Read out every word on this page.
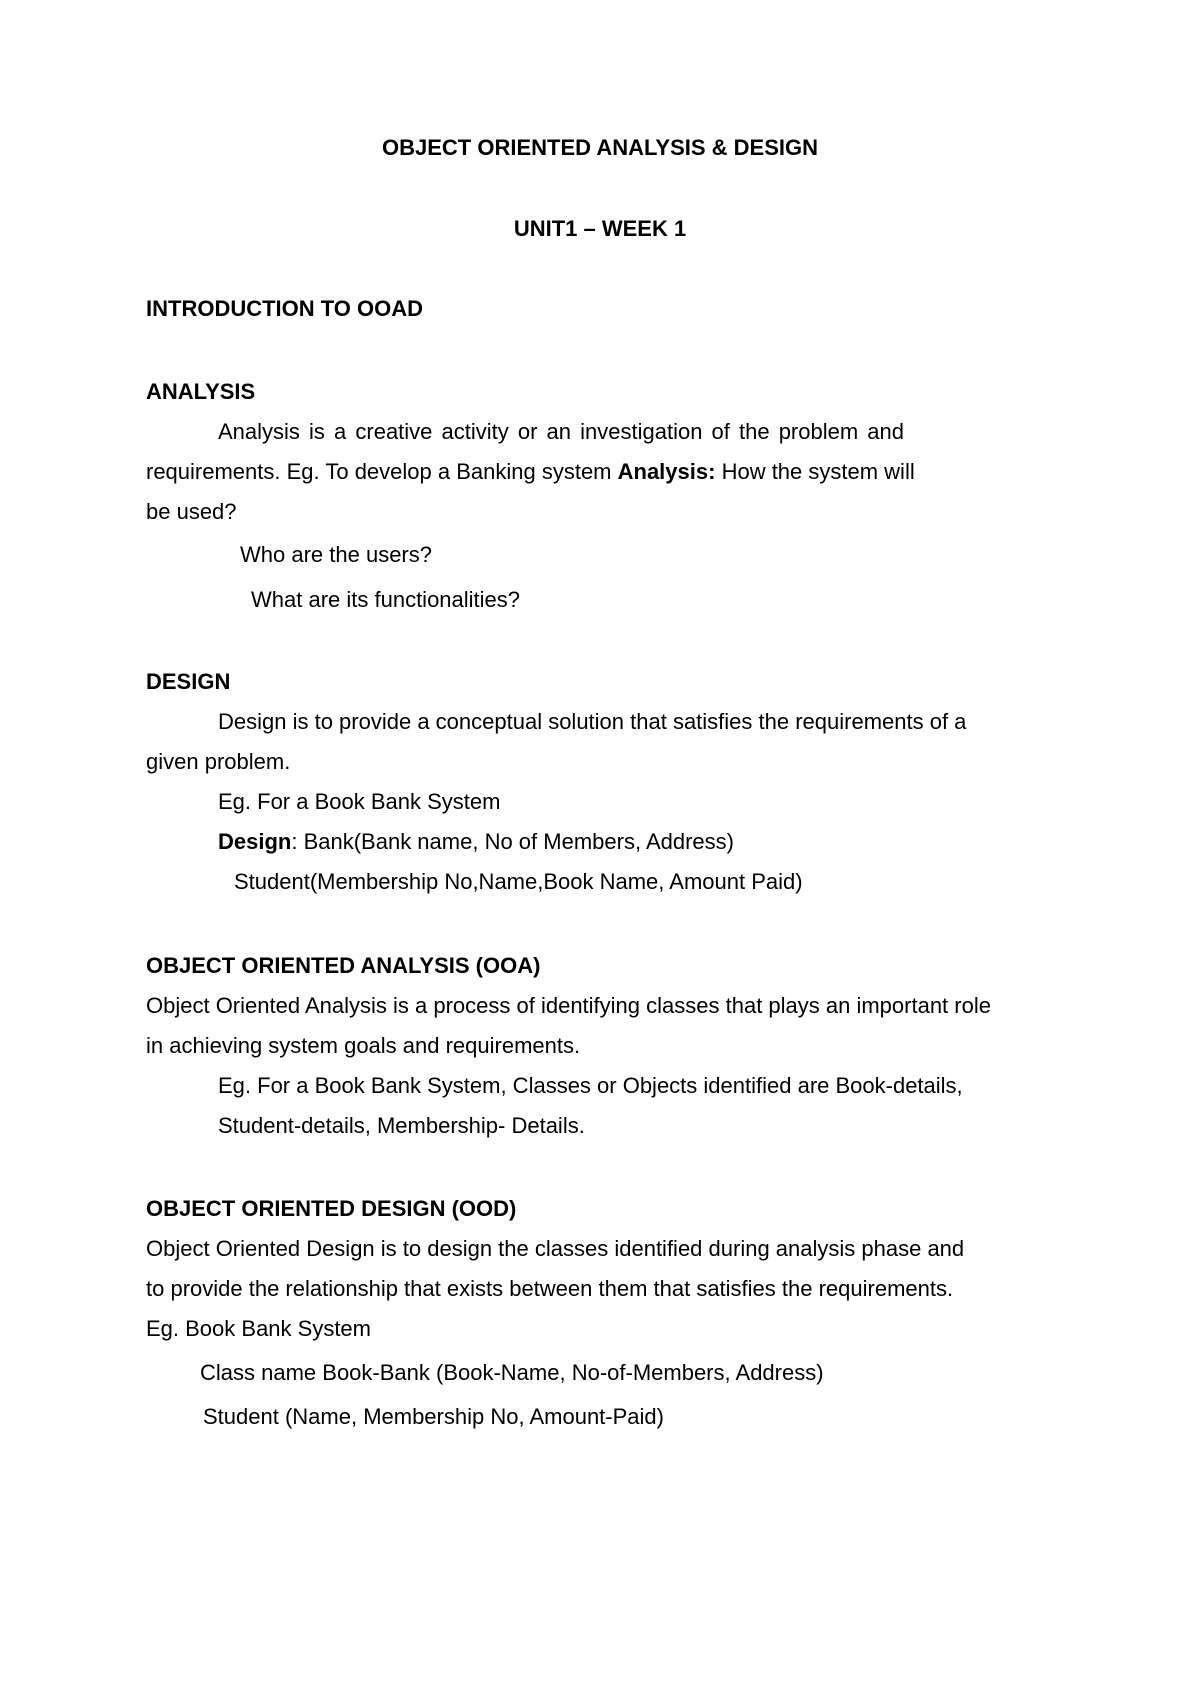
OBJECT ORIENTED ANALYSIS & DESIGN
UNIT1 – WEEK 1
INTRODUCTION TO OOAD
ANALYSIS
Analysis is a creative activity or an investigation of the problem and
requirements. Eg. To develop a Banking system Analysis: How the system will
be used?
Who are the users?
What are its functionalities?
DESIGN
Design is to provide a conceptual solution that satisfies the requirements of a
given problem.
Eg. For a Book Bank System
Design: Bank(Bank name, No of Members, Address)
Student(Membership No,Name,Book Name, Amount Paid)
OBJECT ORIENTED ANALYSIS (OOA)
Object Oriented Analysis is a process of identifying classes that plays an important role
in achieving system goals and requirements.
Eg. For a Book Bank System, Classes or Objects identified are Book-details,
Student-details, Membership- Details.
OBJECT ORIENTED DESIGN (OOD)
Object Oriented Design is to design the classes identified during analysis phase and
to provide the relationship that exists between them that satisfies the requirements.
Eg. Book Bank System
Class name Book-Bank (Book-Name, No-of-Members, Address)
Student (Name, Membership No, Amount-Paid)
